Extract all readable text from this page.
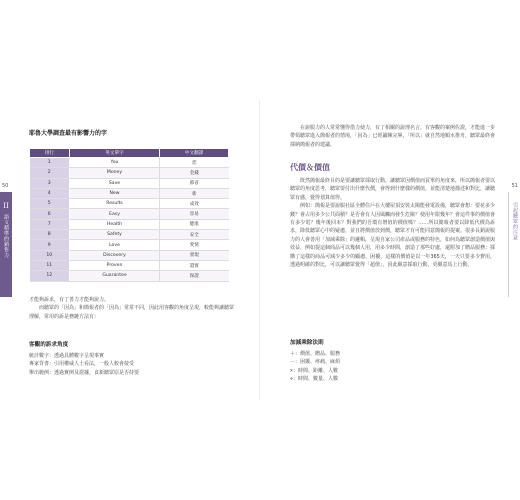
II
語文精準的銷售力
50
耶魯大學調查最有影響力的字
排行	英文單字	中文翻譯
1	You	您
2	Money	金錢
3	Save	節省
4	New	新
5	Results	成效
6	Easy	容易
7	Health	健康
8	Safety	安全
9	Love	愛情
10	Discovery	發現
11	Proven	證實
12	Guarantee	保證
才能夠訴求，有了善力才能夠說力。
而聽眾的「因為」和簡報者的「因為」常常不同，因此用客觀的角度呈現，較能夠讓聽眾理解，常用的訴是務鏈方法有：
客觀的訴求角度
統計數字：透過具體數字呈現事實
專家背書：引用權威人士看法，一般人較會接受
舉出範例：透過實例及證據，食新聽眾原是否持要
引起聽眾的注意
51
在說服力的人常常懂得借力使力，有了相關的說理名言，有客觀的案例佐證，才能進一步帶領聽眾進入簡報者的情境，「因為」已經鋪陳完畢，「所以」就自然地順水推舟，聽眾最終會採納簡報者的建議。
代價＆價值
既然簡報最終目的是要讓聽眾採取行動，讓聽眾因價值而買單的角度來，所以簡報者要以聽眾的角度思考，聽眾要付出什麼代價，會得到什麼樣的價值，並能清楚地描述和對比，讓聽眾有感，覺得划算值得。
例如：簡報是要說服社區全體住戶在大樓屋頂安裝太陽能發電設備，聽眾會想：要花多少錢？會占用多少公共面積？是否會有人因風觸而發生危險？使用年限幾年？會這件事的價值會有多少電？幾年後回本？對我們的吾環有增值的價值嗎？……所以簡報者要以降低代價為訴求，降低聽眾心中的疑慮，並且將價值放到價，聽眾才有可能同意簡報的提案。很多長銷說服力的人會善用「加減乘除」的邏輯，呈現自家公司產品或服務的特色，如何為聽眾創造價值與效益，例如提這個商品可以幾個人用，用多少時間，創造了那些好處，還附加了贈品服務；採購了這樣的商品可減少多少的顧慮、困擾，這樣的價值是以一年365天，一天只要多少費用，透過明確的對比，可以讓聽眾覺得「超值」，因此願意採取行動，更願意馬上行動。
加減乘除法則
＋：價值、贈品、服務
－：困擾、疼痛、麻煩
×：時間、距離、人數
÷：時間、數量、人數
